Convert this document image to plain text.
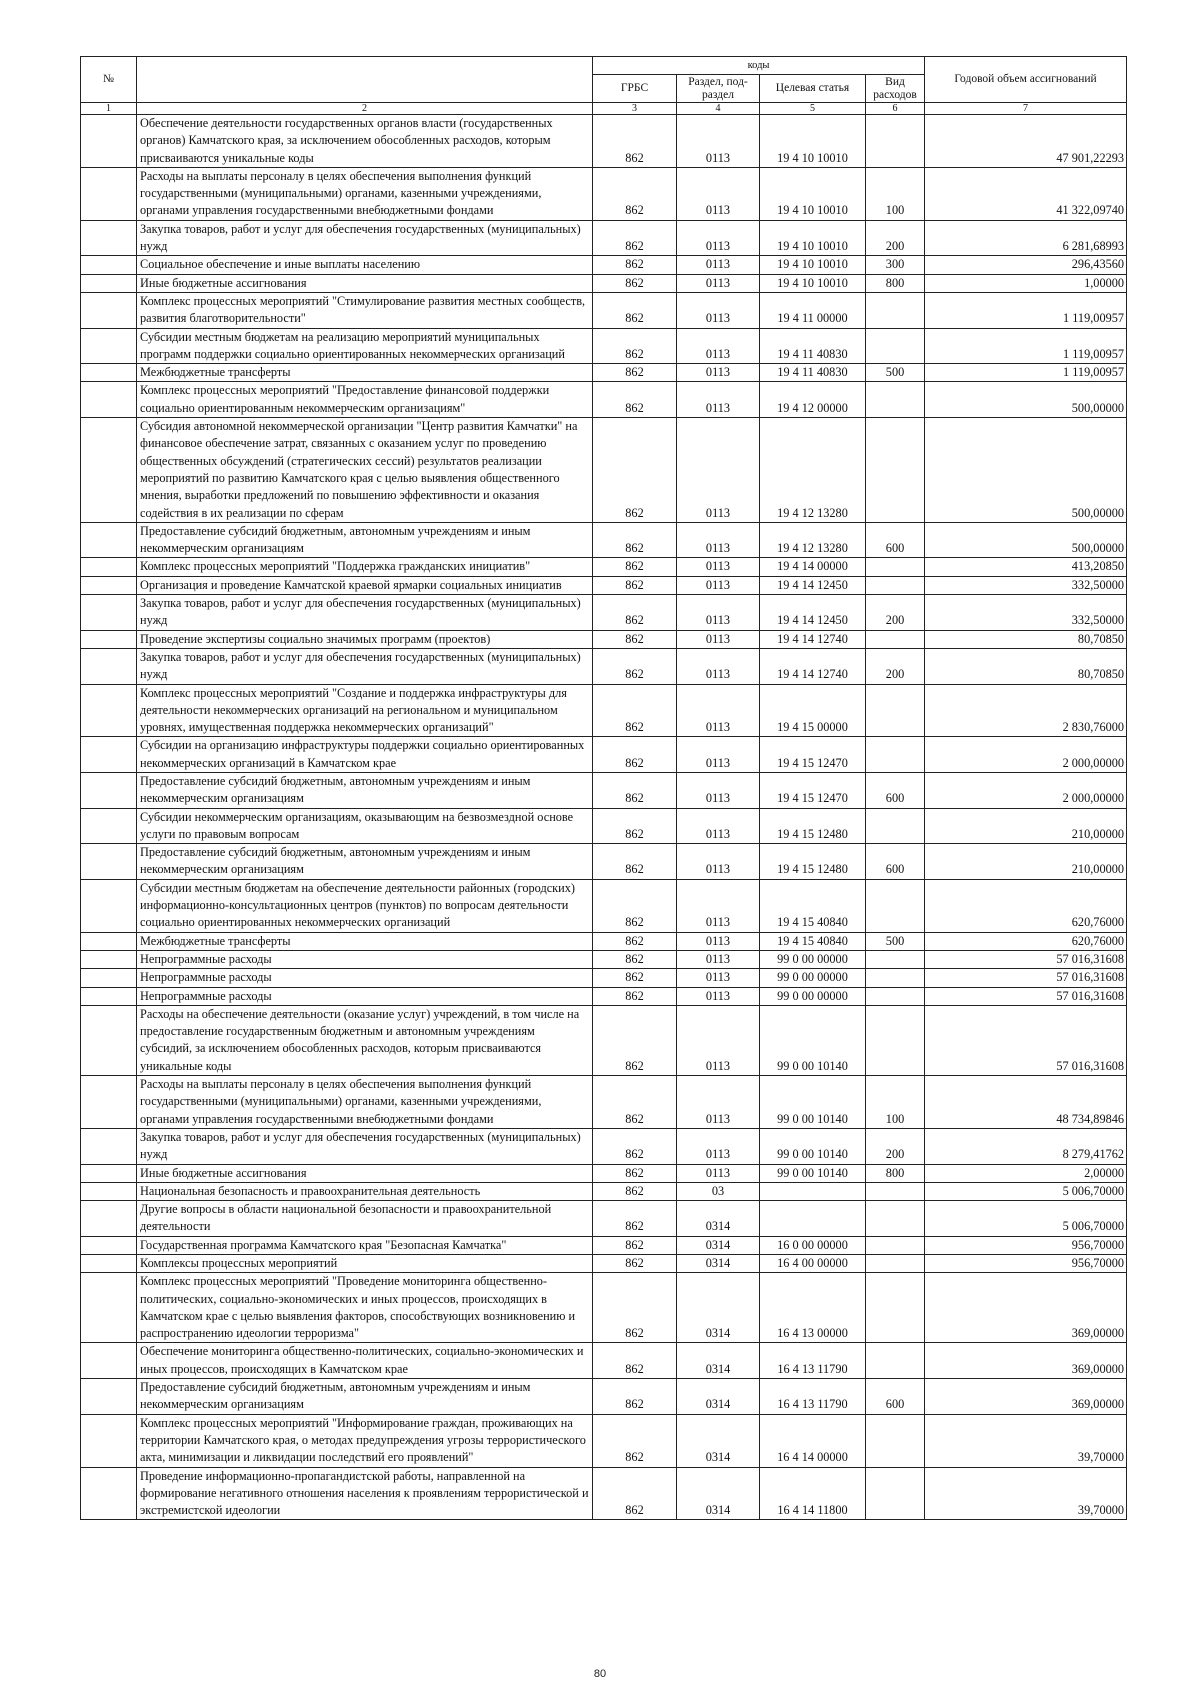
№		коды				Годовой объем ассигнований
		ГРБС	Раздел, под-раздел	Целевая статья	Вид расходов	
1	2	3	4	5	6	7
	Обеспечение деятельности государственных органов власти (государственных органов) Камчатского края, за исключением обособленных расходов, которым присваиваются уникальные коды	862	0113	19 4 10 10010		47 901,22293
	Расходы на выплаты персоналу в целях обеспечения выполнения функций государственными (муниципальными) органами, казенными учреждениями, органами управления государственными внебюджетными фондами	862	0113	19 4 10 10010	100	41 322,09740
	Закупка товаров, работ и услуг для обеспечения государственных (муниципальных) нужд	862	0113	19 4 10 10010	200	6 281,68993
	Социальное обеспечение и иные выплаты населению	862	0113	19 4 10 10010	300	296,43560
	Иные бюджетные ассигнования	862	0113	19 4 10 10010	800	1,00000
	Комплекс процессных мероприятий "Стимулирование развития местных сообществ, развития благотворительности"	862	0113	19 4 11 00000		1 119,00957
	Субсидии местным бюджетам на реализацию мероприятий муниципальных программ поддержки социально ориентированных некоммерческих организаций	862	0113	19 4 11 40830		1 119,00957
	Межбюджетные трансферты	862	0113	19 4 11 40830	500	1 119,00957
	Комплекс процессных мероприятий "Предоставление финансовой поддержки социально ориентированным некоммерческим организациям"	862	0113	19 4 12 00000		500,00000
	Субсидия автономной некоммерческой организации "Центр развития Камчатки" на финансовое обеспечение затрат, связанных с оказанием услуг по проведению общественных обсуждений (стратегических сессий) результатов реализации мероприятий по развитию Камчатского края с целью выявления общественного мнения, выработки предложений по повышению эффективности и оказания содействия в их реализации по сферам	862	0113	19 4 12 13280		500,00000
	Предоставление субсидий бюджетным, автономным учреждениям и иным некоммерческим организациям	862	0113	19 4 12 13280	600	500,00000
	Комплекс процессных мероприятий "Поддержка гражданских инициатив"	862	0113	19 4 14 00000		413,20850
	Организация и проведение Камчатской краевой ярмарки социальных инициатив	862	0113	19 4 14 12450		332,50000
	Закупка товаров, работ и услуг для обеспечения государственных (муниципальных) нужд	862	0113	19 4 14 12450	200	332,50000
	Проведение экспертизы социально значимых программ (проектов)	862	0113	19 4 14 12740		80,70850
	Закупка товаров, работ и услуг для обеспечения государственных (муниципальных) нужд	862	0113	19 4 14 12740	200	80,70850
	Комплекс процессных мероприятий "Создание и поддержка инфраструктуры для деятельности некоммерческих организаций на региональном и муниципальном уровнях, имущественная поддержка некоммерческих организаций"	862	0113	19 4 15 00000		2 830,76000
	Субсидии на организацию инфраструктуры поддержки социально ориентированных некоммерческих организаций в Камчатском крае	862	0113	19 4 15 12470		2 000,00000
	Предоставление субсидий бюджетным, автономным учреждениям и иным некоммерческим организациям	862	0113	19 4 15 12470	600	2 000,00000
	Субсидии некоммерческим организациям, оказывающим на безвозмездной основе услуги по правовым вопросам	862	0113	19 4 15 12480		210,00000
	Предоставление субсидий бюджетным, автономным учреждениям и иным некоммерческим организациям	862	0113	19 4 15 12480	600	210,00000
	Субсидии местным бюджетам на обеспечение деятельности районных (городских) информационно-консультационных центров (пунктов) по вопросам деятельности социально ориентированных некоммерческих организаций	862	0113	19 4 15 40840		620,76000
	Межбюджетные трансферты	862	0113	19 4 15 40840	500	620,76000
	Непрограммные расходы	862	0113	99 0 00 00000		57 016,31608
	Непрограммные расходы	862	0113	99 0 00 00000		57 016,31608
	Непрограммные расходы	862	0113	99 0 00 00000		57 016,31608
	Расходы на обеспечение деятельности (оказание услуг) учреждений, в том числе на предоставление государственным бюджетным и автономным учреждениям субсидий, за исключением обособленных расходов, которым присваиваются уникальные коды	862	0113	99 0 00 10140		57 016,31608
	Расходы на выплаты персоналу в целях обеспечения выполнения функций государственными (муниципальными) органами, казенными учреждениями, органами управления государственными внебюджетными фондами	862	0113	99 0 00 10140	100	48 734,89846
	Закупка товаров, работ и услуг для обеспечения государственных (муниципальных) нужд	862	0113	99 0 00 10140	200	8 279,41762
	Иные бюджетные ассигнования	862	0113	99 0 00 10140	800	2,00000
	Национальная безопасность и правоохранительная деятельность	862	03			5 006,70000
	Другие вопросы в области национальной безопасности и правоохранительной деятельности	862	0314			5 006,70000
	Государственная программа Камчатского края "Безопасная Камчатка"	862	0314	16 0 00 00000		956,70000
	Комплексы процессных мероприятий	862	0314	16 4 00 00000		956,70000
	Комплекс процессных мероприятий "Проведение мониторинга общественно-политических, социально-экономических и иных процессов, происходящих в Камчатском крае с целью выявления факторов, способствующих возникновению и распространению идеологии терроризма"	862	0314	16 4 13 00000		369,00000
	Обеспечение мониторинга общественно-политических, социально-экономических и иных процессов, происходящих в Камчатском крае	862	0314	16 4 13 11790		369,00000
	Предоставление субсидий бюджетным, автономным учреждениям и иным некоммерческим организациям	862	0314	16 4 13 11790	600	369,00000
	Комплекс процессных мероприятий "Информирование граждан, проживающих на территории Камчатского края, о методах предупреждения угрозы террористического акта, минимизации и ликвидации последствий его проявлений"	862	0314	16 4 14 00000		39,70000
	Проведение информационно-пропагандистской работы, направленной на формирование негативного отношения населения к проявлениям террористической и экстремистской идеологии	862	0314	16 4 14 11800		39,70000
80
